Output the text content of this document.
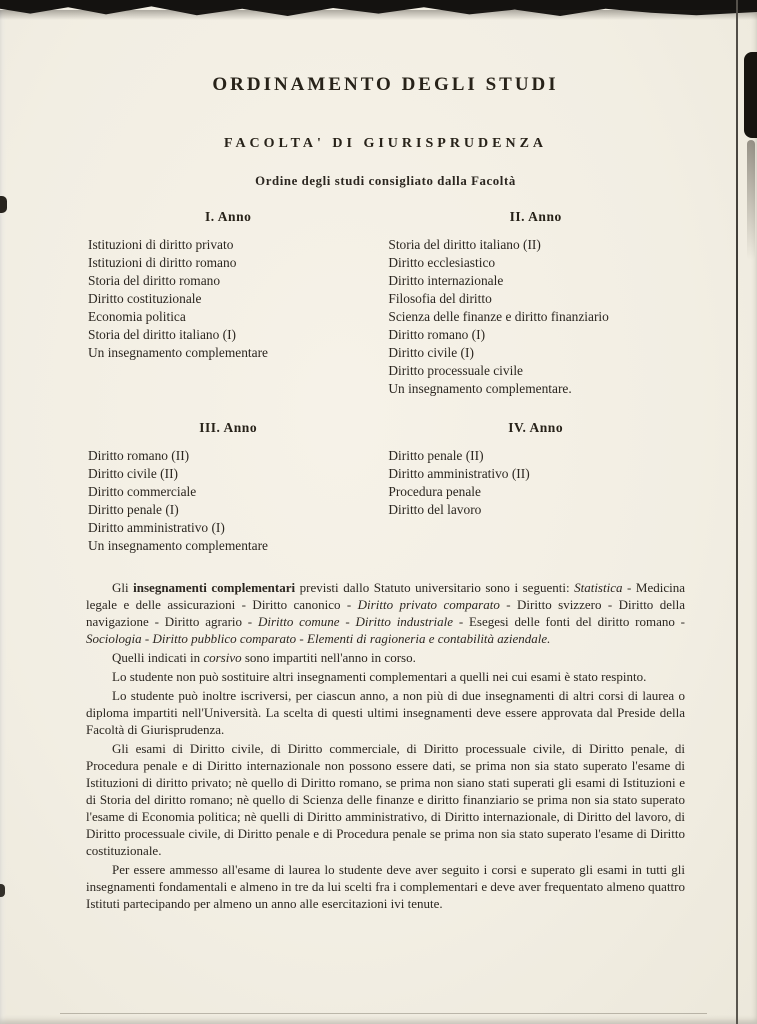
ORDINAMENTO DEGLI STUDI
FACOLTA' DI GIURISPRUDENZA
Ordine degli studi consigliato dalla Facoltà
I. Anno
Istituzioni di diritto privato
Istituzioni di diritto romano
Storia del diritto romano
Diritto costituzionale
Economia politica
Storia del diritto italiano (I)
Un insegnamento complementare
II. Anno
Storia del diritto italiano (II)
Diritto ecclesiastico
Diritto internazionale
Filosofia del diritto
Scienza delle finanze e diritto finanziario
Diritto romano (I)
Diritto civile (I)
Diritto processuale civile
Un insegnamento complementare.
III. Anno
Diritto romano (II)
Diritto civile (II)
Diritto commerciale
Diritto penale (I)
Diritto amministrativo (I)
Un insegnamento complementare
IV. Anno
Diritto penale (II)
Diritto amministrativo (II)
Procedura penale
Diritto del lavoro

Gli insegnamenti complementari previsti dallo Statuto universitario sono i seguenti: Statistica - Medicina legale e delle assicurazioni - Diritto canonico - Diritto privato comparato - Diritto svizzero - Diritto della navigazione - Diritto agrario - Diritto comune - Diritto industriale - Esegesi delle fonti del diritto romano - Sociologia - Diritto pubblico comparato - Elementi di ragioneria e contabilità aziendale.

Quelli indicati in corsivo sono impartiti nell'anno in corso.

Lo studente non può sostituire altri insegnamenti complementari a quelli nei cui esami è stato respinto.

Lo studente può inoltre iscriversi, per ciascun anno, a non più di due insegnamenti di altri corsi di laurea o diploma impartiti nell'Università. La scelta di questi ultimi insegnamenti deve essere approvata dal Preside della Facoltà di Giurisprudenza.

Gli esami di Diritto civile, di Diritto commerciale, di Diritto processuale civile, di Diritto penale, di Procedura penale e di Diritto internazionale non possono essere dati, se prima non sia stato superato l'esame di Istituzioni di diritto privato; nè quello di Diritto romano, se prima non siano stati superati gli esami di Istituzioni e di Storia del diritto romano; nè quello di Scienza delle finanze e diritto finanziario se prima non sia stato superato l'esame di Economia politica; nè quelli di Diritto amministrativo, di Diritto internazionale, di Diritto del lavoro, di Diritto processuale civile, di Diritto penale e di Procedura penale se prima non sia stato superato l'esame di Diritto costituzionale.

Per essere ammesso all'esame di laurea lo studente deve aver seguito i corsi e superato gli esami in tutti gli insegnamenti fondamentali e almeno in tre da lui scelti fra i complementari e deve aver frequentato almeno quattro Istituti partecipando per almeno un anno alle esercitazioni ivi tenute.
